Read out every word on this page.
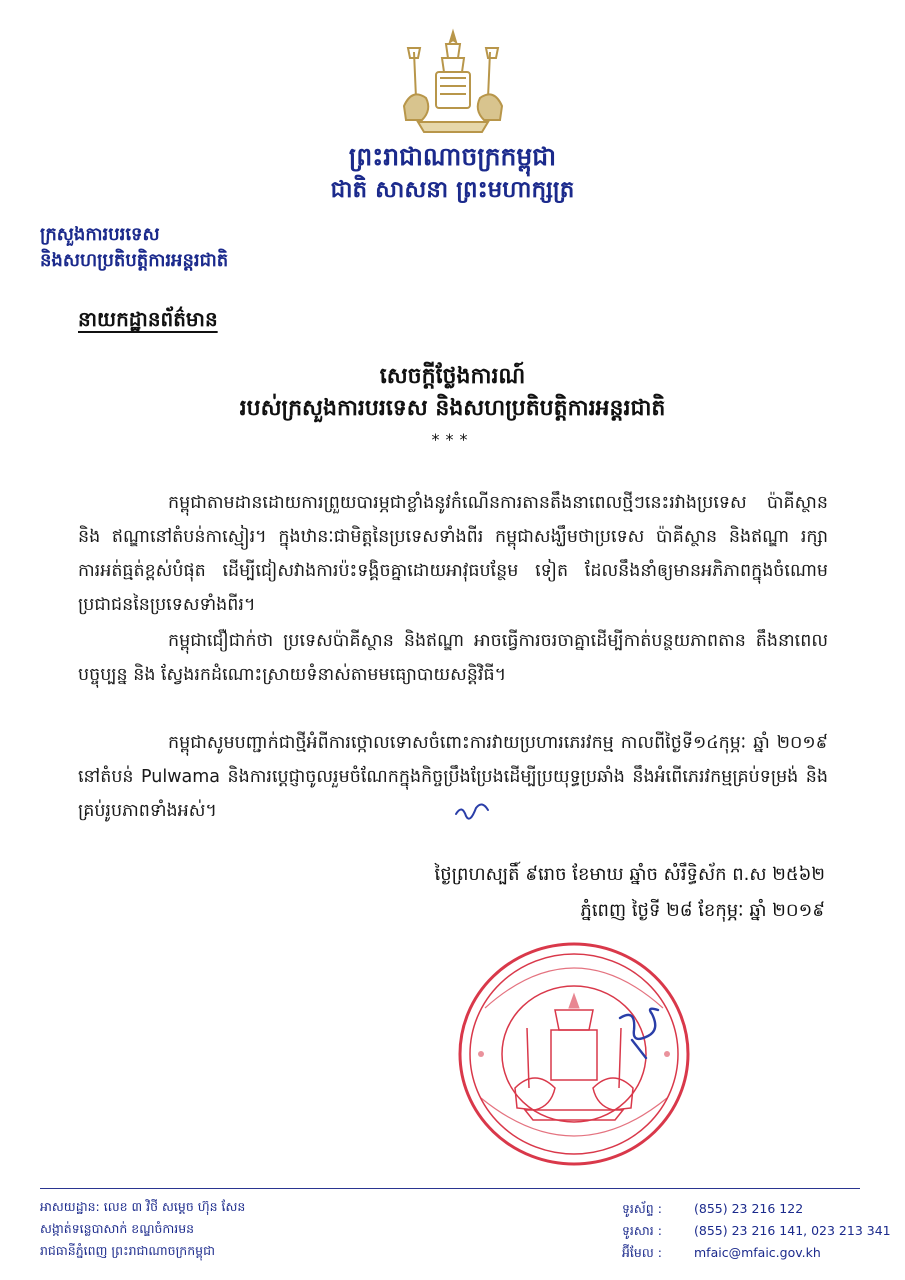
ព្រះរាជាណាចក្រកម្ពុជា
ជាតិ សាសនា ព្រះមហាក្សត្រ
ក្រសួងការបរទេស
និងសហប្រតិបត្តិការអន្តរជាតិ
នាយកដ្ឋានព័ត៌មាន
សេចក្តីថ្លែងការណ៍
របស់ក្រសួងការបរទេស និងសហប្រតិបត្តិការអន្តរជាតិ
***
កម្ពុជាតាមដានដោយការព្រួយបារម្ភជាខ្លាំងនូវកំណើនការតានតឹងនាពេលថ្មីៗនេះរវាងប្រទេស ប៉ាគីស្ថាន និង ឥណ្ឌានៅតំបន់កាស្មៀរ។ ក្នុងឋានៈជាមិត្តនៃប្រទេសទាំងពីរ កម្ពុជាសង្ឃឹមថាប្រទេស ប៉ាគីស្ថាន និងឥណ្ឌា រក្សាការអត់ធ្មត់ខ្ពស់បំផុត ដើម្បីជៀសវាងការប៉ះទង្គិចគ្នាដោយអាវុធបន្ថែម ទៀត ដែលនឹងនាំឲ្យមានអភិភាពក្នុងចំណោមប្រជាជននៃប្រទេសទាំងពីរ។
កម្ពុជាជឿជាក់ថា ប្រទេសប៉ាគីស្ថាន និងឥណ្ឌា អាចធ្វើការចរចាគ្នាដើម្បីកាត់បន្ថយភាពតាន តឹងនាពេលបច្ចុប្បន្ន និង ស្វែងរកដំណោះស្រាយទំនាស់តាមមធ្យោបាយសន្តិវិធី។
កម្ពុជាសូមបញ្ជាក់ជាថ្មីអំពីការថ្កោលទោសចំពោះការវាយប្រហារភេរវកម្ម កាលពីថ្ងៃទី១៤កុម្ភៈ ឆ្នាំ ២០១៩ នៅតំបន់ Pulwama និងការប្តេជ្ញាចូលរួមចំណែកក្នុងកិច្ចប្រឹងប្រែងដើម្បីប្រយុទ្ធប្រឆាំង នឹងអំពើភេរវកម្មគ្រប់ទម្រង់ និងគ្រប់រូបភាពទាំងអស់។
ថ្ងៃព្រហស្បតិ៍ ៩រោច ខែមាឃ ឆ្នាំច សំរឹទ្ធិស័ក ព.ស ២៥៦២
ភ្នំពេញ ថ្ងៃទី ២៨ ខែកុម្ភៈ ឆ្នាំ ២០១៩
អាសយដ្ឋាន: លេខ ៣ វិថី សម្តេច ហ៊ុន សែន
សង្កាត់ទន្លេបាសាក់ ខណ្ឌចំការមន
រាជធានីភ្នំពេញ ព្រះរាជាណាចក្រកម្ពុជា
ទូរស័ព្ទ :	(855) 23 216 122
ទូរសារ :	(855) 23 216 141, 023 213 341
អ៊ីមែល :	mfaic@mfaic.gov.kh
